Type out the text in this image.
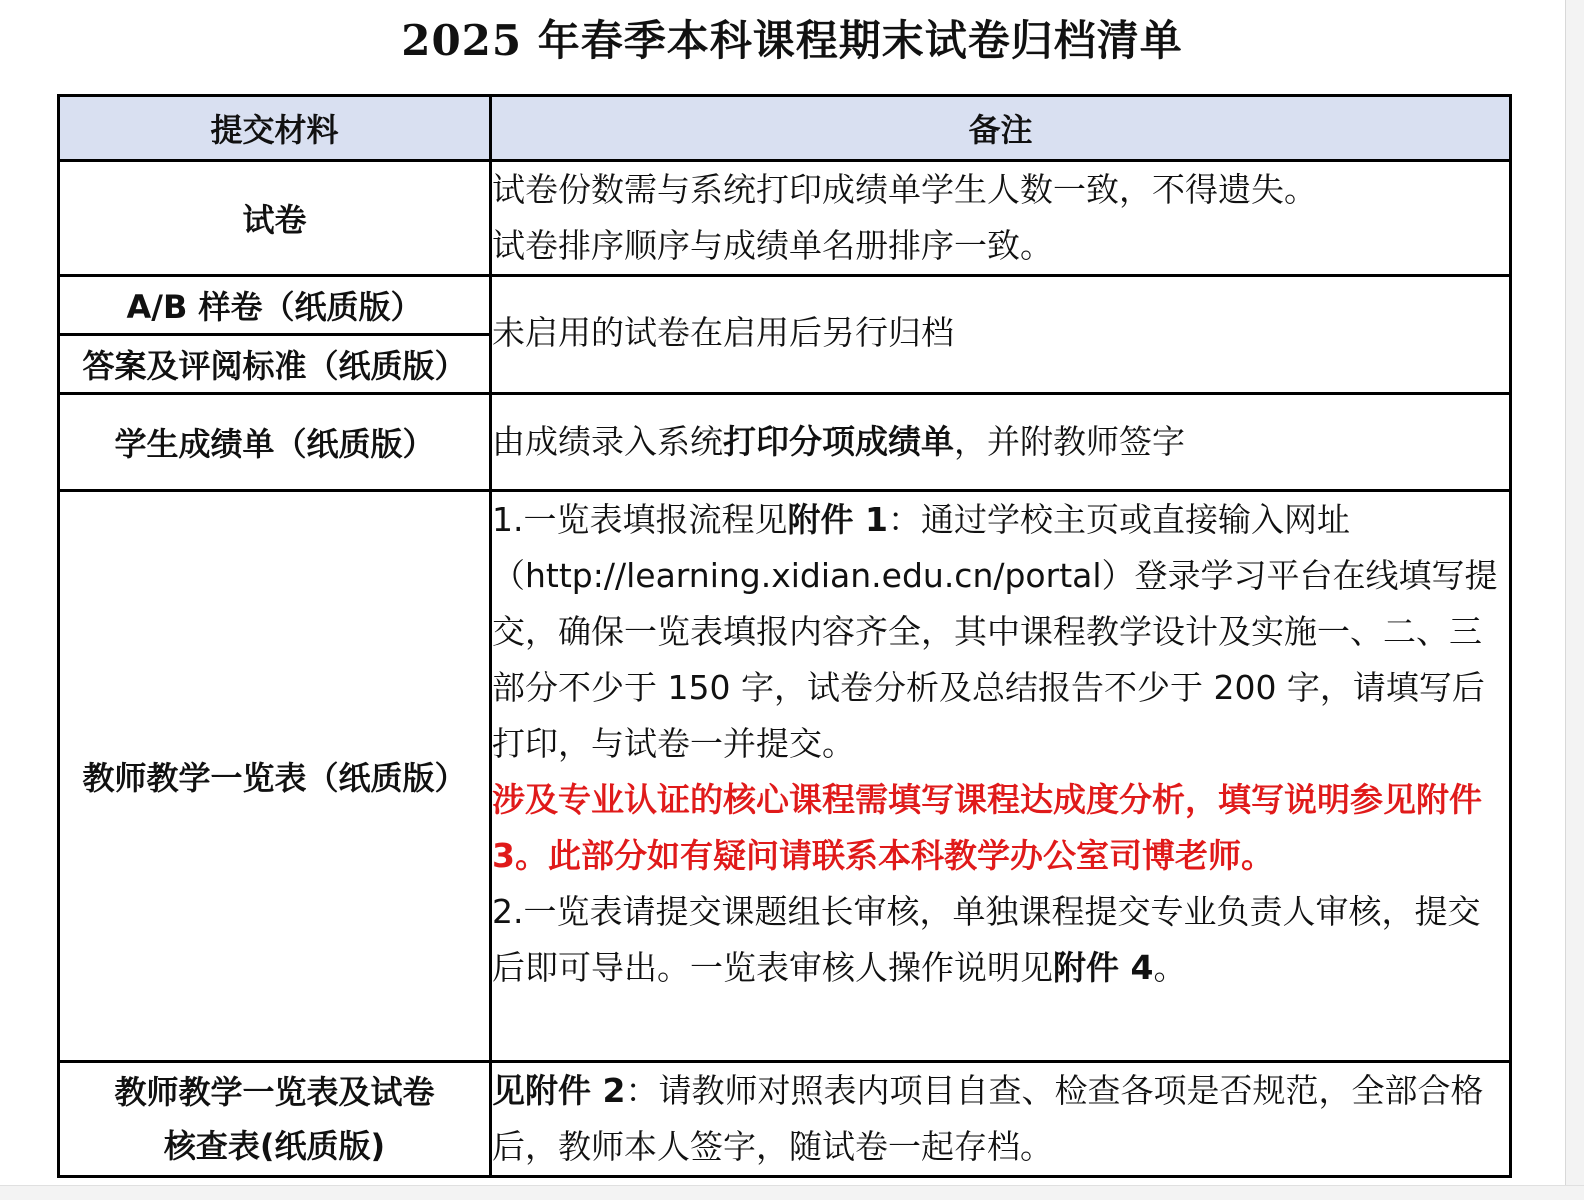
2025 年春季本科课程期末试卷归档清单
提交材料	备注
试卷	试卷份数需与系统打印成绩单学生人数一致，不得遗失。
试卷排序顺序与成绩单名册排序一致。

A/B 样卷（纸质版）	未启用的试卷在启用后另行归档
答案及评阅标准（纸质版）	
学生成绩单（纸质版）	由成绩录入系统打印分项成绩单，并附教师签字
教师教学一览表（纸质版）	1.一览表填报流程见附件 1：通过学校主页或直接输入网址（http://learning.xidian.edu.cn/portal）登录学习平台在线填写提交，确保一览表填报内容齐全，其中课程教学设计及实施一、二、三部分不少于 150 字，试卷分析及总结报告不少于 200 字，请填写后打印，与试卷一并提交。
涉及专业认证的核心课程需填写课程达成度分析，填写说明参见附件 3。此部分如有疑问请联系本科教学办公室司博老师。
2.一览表请提交课题组长审核，单独课程提交专业负责人审核，提交后即可导出。一览表审核人操作说明见附件 4。

教师教学一览表及试卷
核查表(纸质版)	见附件 2：请教师对照表内项目自查、检查各项是否规范，全部合格后，教师本人签字，随试卷一起存档。
